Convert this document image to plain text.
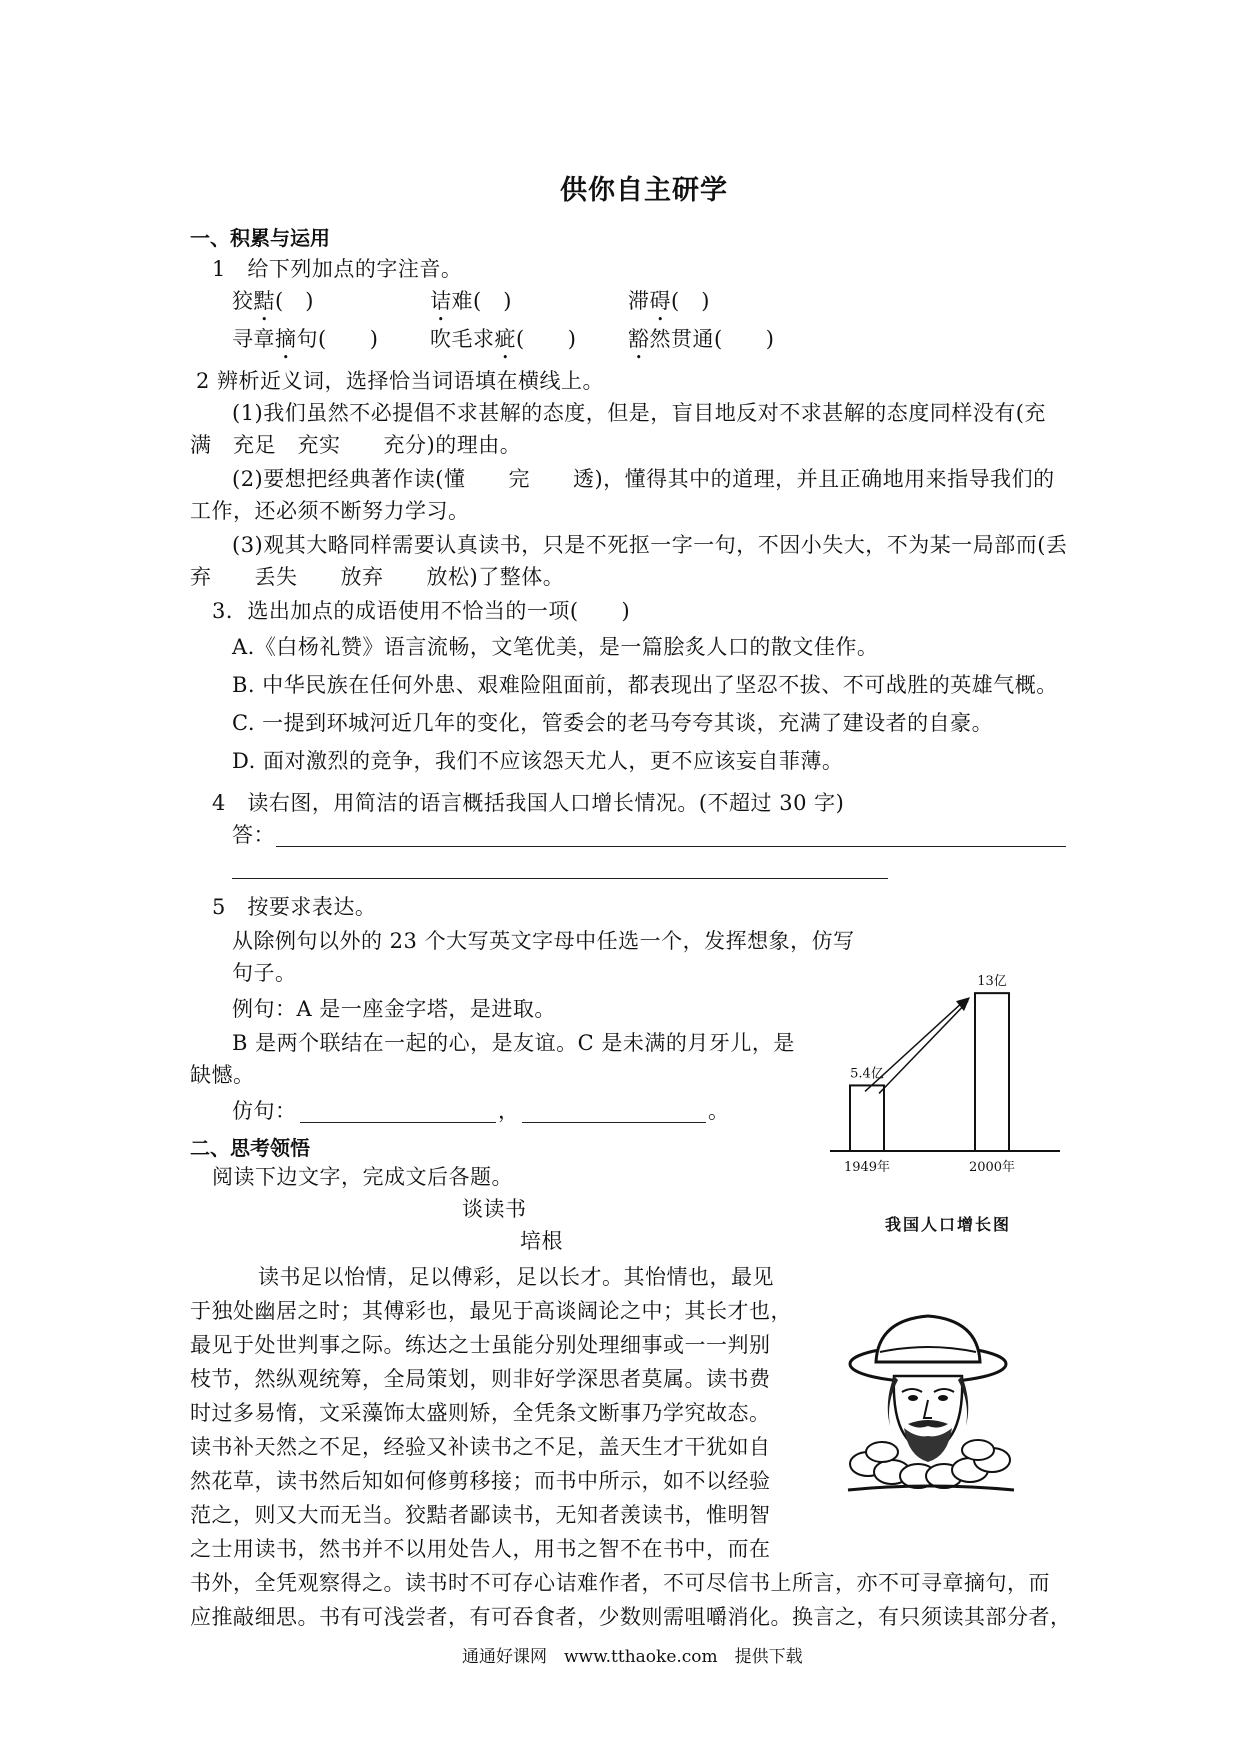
供你自主研学
一、积累与运用
1　给下列加点的字注音。
狡黠(　)	诘难(　)	滞碍(　)
寻章摘句(　　) 吹毛求疵(　　) 豁然贯通(　　)
2 辨析近义词，选择恰当词语填在横线上。
(1)我们虽然不必提倡不求甚解的态度，但是，盲目地反对不求甚解的态度同样没有(充
满　充足　充实　　充分)的理由。
(2)要想把经典著作读(懂　　完　　透)，懂得其中的道理，并且正确地用来指导我们的
工作，还必须不断努力学习。
(3)观其大略同样需要认真读书，只是不死抠一字一句，不因小失大，不为某一局部而(丢
弃　　丢失　　放弃　　放松)了整体。
3．选出加点的成语使用不恰当的一项(　　)
A.《白杨礼赞》语言流畅，文笔优美，是一篇脍炙人口的散文佳作。
B. 中华民族在任何外患、艰难险阻面前，都表现出了坚忍不拔、不可战胜的英雄气概。
C. 一提到环城河近几年的变化，管委会的老马夸夸其谈，充满了建设者的自豪。
D. 面对激烈的竞争，我们不应该怨天尤人，更不应该妄自菲薄。
4　读右图，用简洁的语言概括我国人口增长情况。(不超过 30 字)
答：
5　按要求表达。
从除例句以外的 23 个大写英文字母中任选一个，发挥想象，仿写
句子。
例句：A 是一座金字塔，是进取。
B 是两个联结在一起的心，是友谊。C 是未满的月牙儿，是
缺憾。
仿句：	，	。
二、思考领悟
阅读下边文字，完成文后各题。
谈读书
培根
读书足以怡情，足以傅彩，足以长才。其怡情也，最见
于独处幽居之时；其傅彩也，最见于高谈阔论之中；其长才也，
最见于处世判事之际。练达之士虽能分别处理细事或一一判别
枝节，然纵观统筹，全局策划，则非好学深思者莫属。读书费
时过多易惰，文采藻饰太盛则矫，全凭条文断事乃学究故态。
读书补天然之不足，经验又补读书之不足，盖天生才干犹如自
然花草，读书然后知如何修剪移接；而书中所示，如不以经验
范之，则又大而无当。狡黠者鄙读书，无知者羡读书，惟明智
之士用读书，然书并不以用处告人，用书之智不在书中，而在
书外，全凭观察得之。读书时不可存心诘难作者，不可尽信书上所言，亦不可寻章摘句，而
应推敲细思。书有可浅尝者，有可吞食者，少数则需咀嚼消化。换言之，有只须读其部分者，
5.4亿
1949年
13亿
2000年
我国人口增长图
通通好课网　www.tthaoke.com　提供下载
